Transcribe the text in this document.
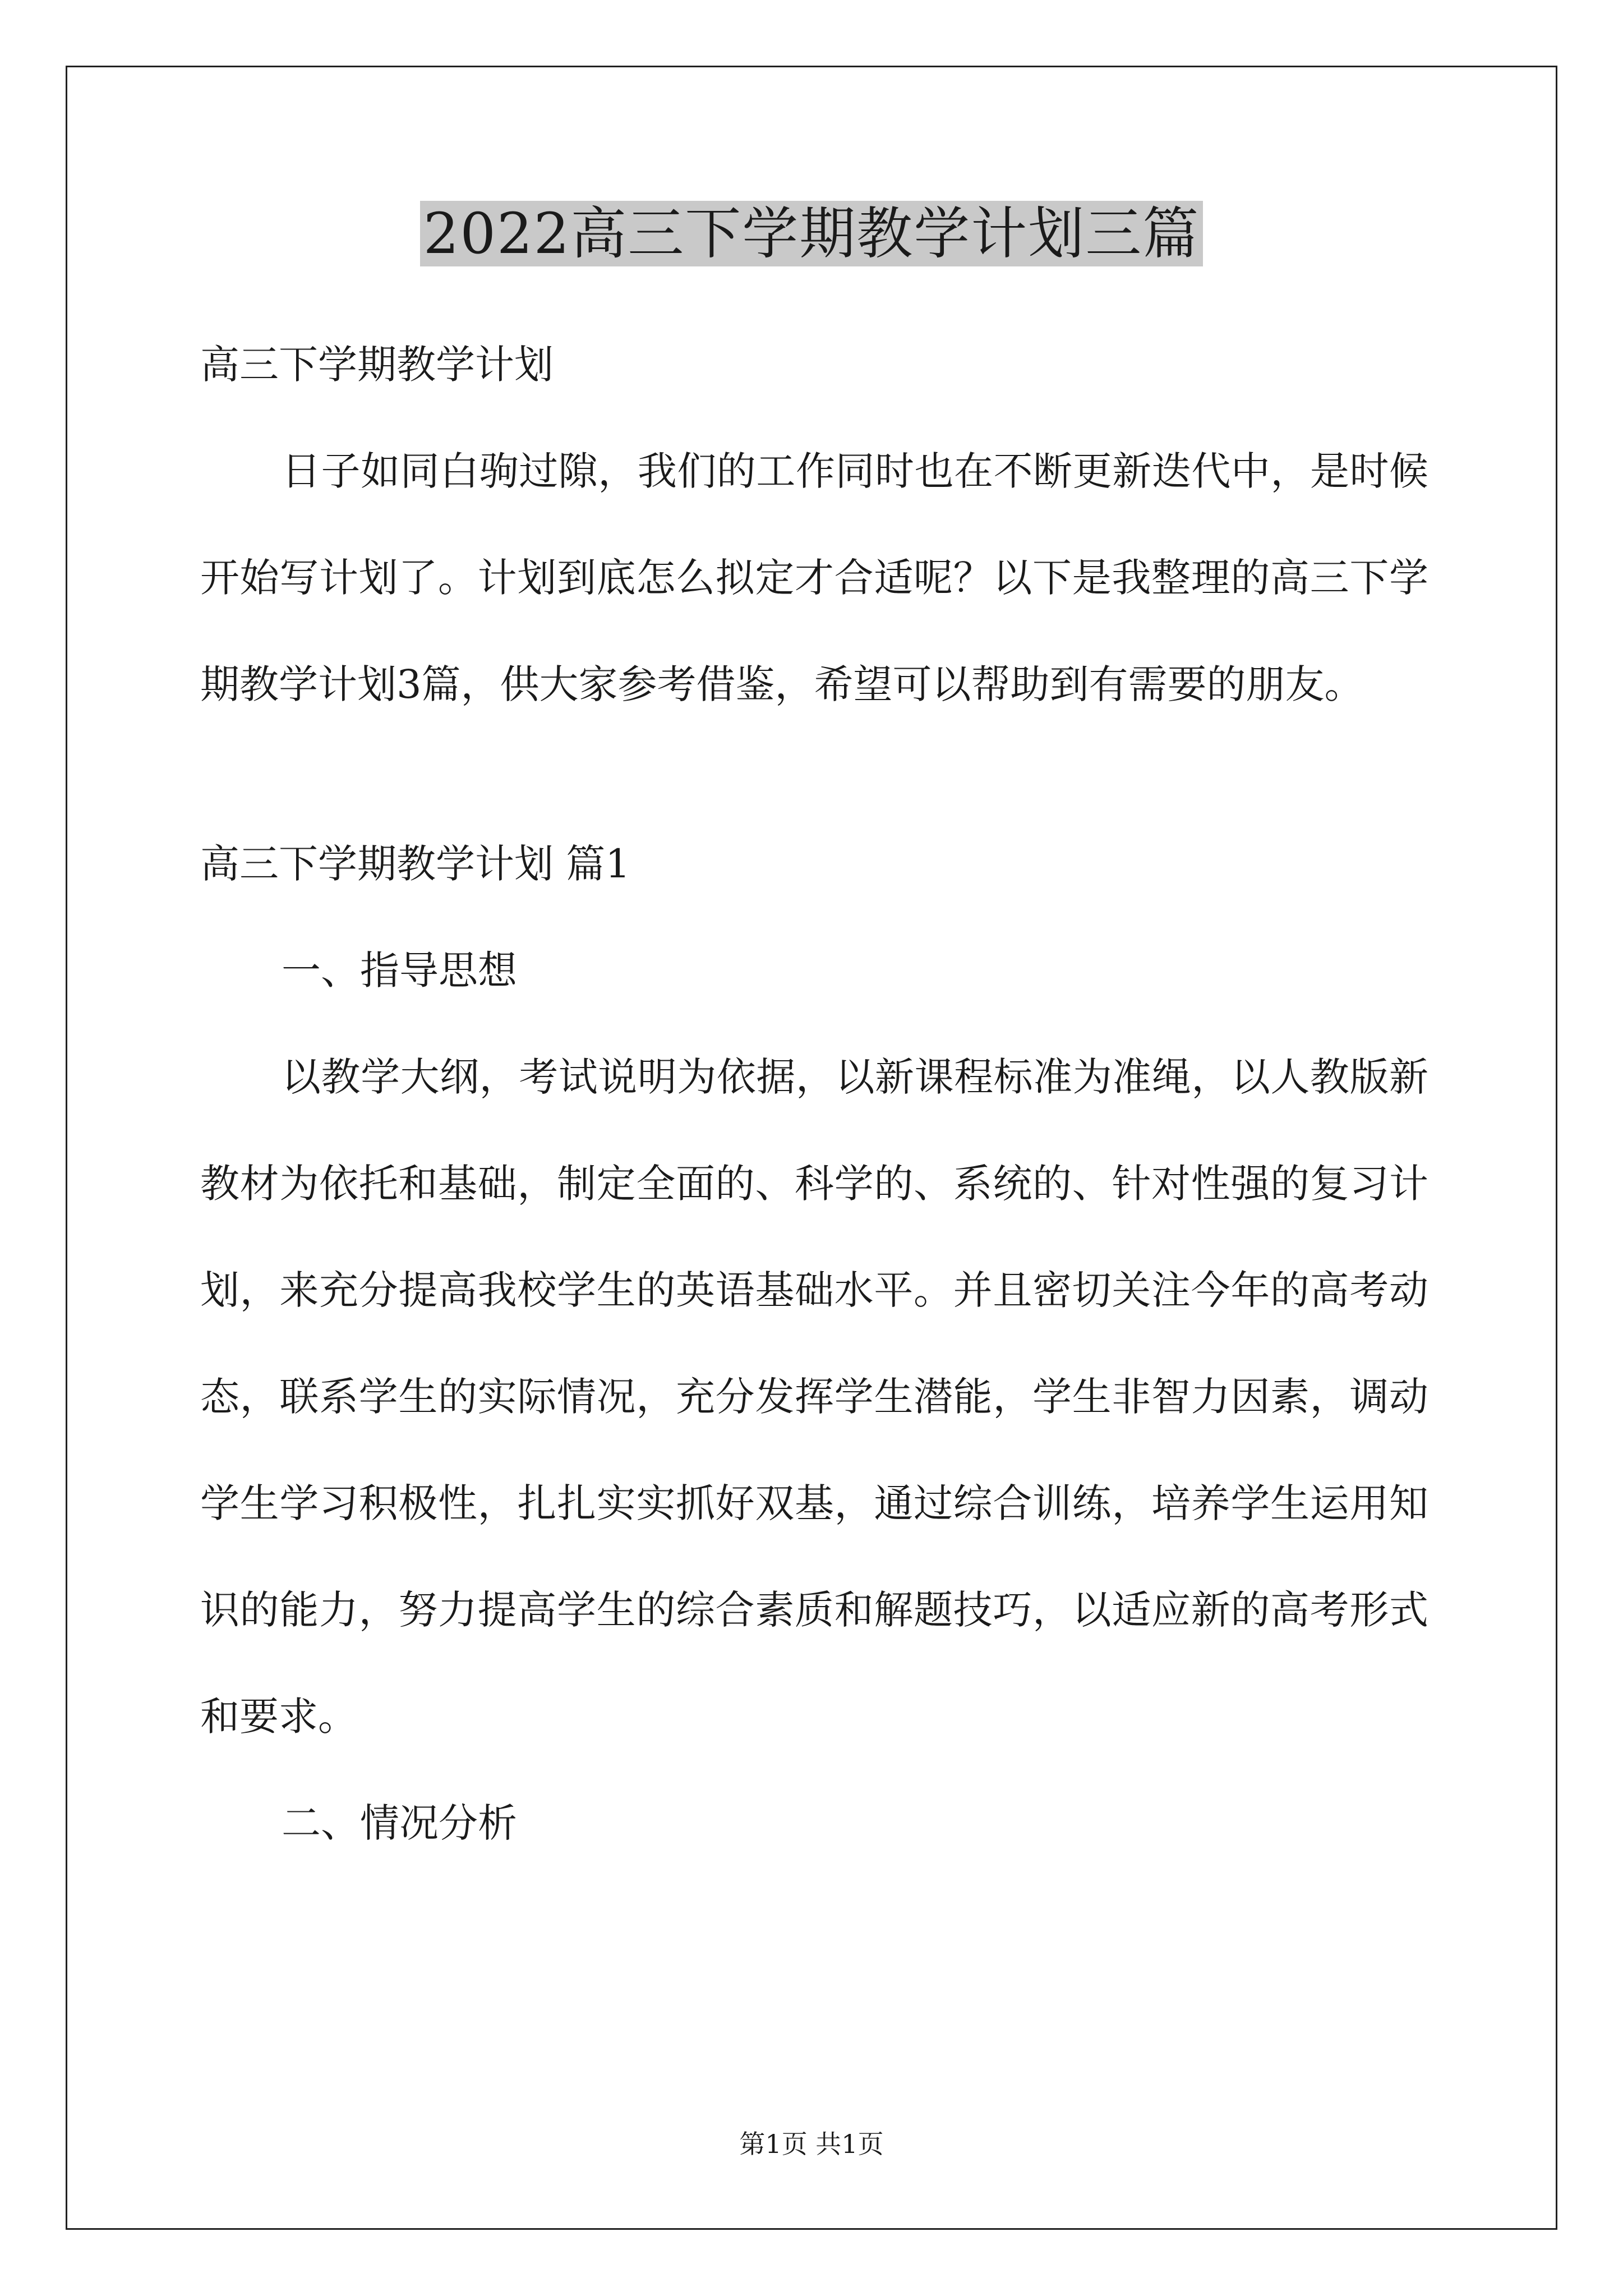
2022高三下学期教学计划三篇

高三下学期教学计划

日子如同白驹过隙，我们的工作同时也在不断更新迭代中，是时候开始写计划了。计划到底怎么拟定才合适呢？以下是我整理的高三下学期教学计划3篇，供大家参考借鉴，希望可以帮助到有需要的朋友。

高三下学期教学计划 篇1

一、指导思想

以教学大纲，考试说明为依据，以新课程标准为准绳，以人教版新教材为依托和基础，制定全面的、科学的、系统的、针对性强的复习计划，来充分提高我校学生的英语基础水平。并且密切关注今年的高考动态，联系学生的实际情况，充分发挥学生潜能，学生非智力因素，调动学生学习积极性，扎扎实实抓好双基，通过综合训练，培养学生运用知识的能力，努力提高学生的综合素质和解题技巧，以适应新的高考形式和要求。

二、情况分析

第1页 共1页
